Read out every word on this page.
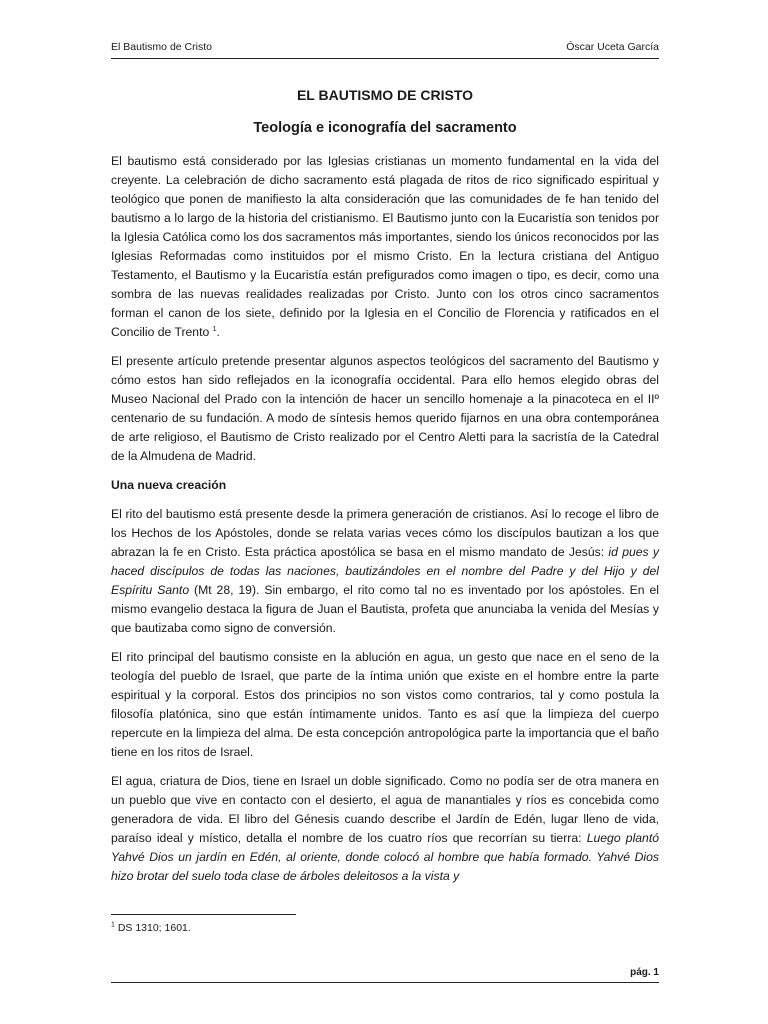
El Bautismo de Cristo	Óscar Uceta García
EL BAUTISMO DE CRISTO
Teología e iconografía del sacramento

El bautismo está considerado por las Iglesias cristianas un momento fundamental en la vida del creyente. La celebración de dicho sacramento está plagada de ritos de rico significado espiritual y teológico que ponen de manifiesto la alta consideración que las comunidades de fe han tenido del bautismo a lo largo de la historia del cristianismo. El Bautismo junto con la Eucaristía son tenidos por la Iglesia Católica como los dos sacramentos más importantes, siendo los únicos reconocidos por las Iglesias Reformadas como instituidos por el mismo Cristo. En la lectura cristiana del Antiguo Testamento, el Bautismo y la Eucaristía están prefigurados como imagen o tipo, es decir, como una sombra de las nuevas realidades realizadas por Cristo. Junto con los otros cinco sacramentos forman el canon de los siete, definido por la Iglesia en el Concilio de Florencia y ratificados en el Concilio de Trento $^1$.

El presente artículo pretende presentar algunos aspectos teológicos del sacramento del Bautismo y cómo estos han sido reflejados en la iconografía occidental. Para ello hemos elegido obras del Museo Nacional del Prado con la intención de hacer un sencillo homenaje a la pinacoteca en el IIº centenario de su fundación. A modo de síntesis hemos querido fijarnos en una obra contemporánea de arte religioso, el Bautismo de Cristo realizado por el Centro Aletti para la sacristía de la Catedral de la Almudena de Madrid.

Una nueva creación

El rito del bautismo está presente desde la primera generación de cristianos. Así lo recoge el libro de los Hechos de los Apóstoles, donde se relata varias veces cómo los discípulos bautizan a los que abrazan la fe en Cristo. Esta práctica apostólica se basa en el mismo mandato de Jesús: id pues y haced discípulos de todas las naciones, bautizándoles en el nombre del Padre y del Hijo y del Espíritu Santo (Mt 28, 19). Sin embargo, el rito como tal no es inventado por los apóstoles. En el mismo evangelio destaca la figura de Juan el Bautista, profeta que anunciaba la venida del Mesías y que bautizaba como signo de conversión.

El rito principal del bautismo consiste en la ablución en agua, un gesto que nace en el seno de la teología del pueblo de Israel, que parte de la íntima unión que existe en el hombre entre la parte espiritual y la corporal. Estos dos principios no son vistos como contrarios, tal y como postula la filosofía platónica, sino que están íntimamente unidos. Tanto es así que la limpieza del cuerpo repercute en la limpieza del alma. De esta concepción antropológica parte la importancia que el baño tiene en los ritos de Israel.

El agua, criatura de Dios, tiene en Israel un doble significado. Como no podía ser de otra manera en un pueblo que vive en contacto con el desierto, el agua de manantiales y ríos es concebida como generadora de vida. El libro del Génesis cuando describe el Jardín de Edén, lugar lleno de vida, paraíso ideal y místico, detalla el nombre de los cuatro ríos que recorrían su tierra: Luego plantó Yahvé Dios un jardín en Edén, al oriente, donde colocó al hombre que había formado. Yahvé Dios hizo brotar del suelo toda clase de árboles deleitosos a la vista y

$^1$ DS 1310; 1601.
pág. 1
